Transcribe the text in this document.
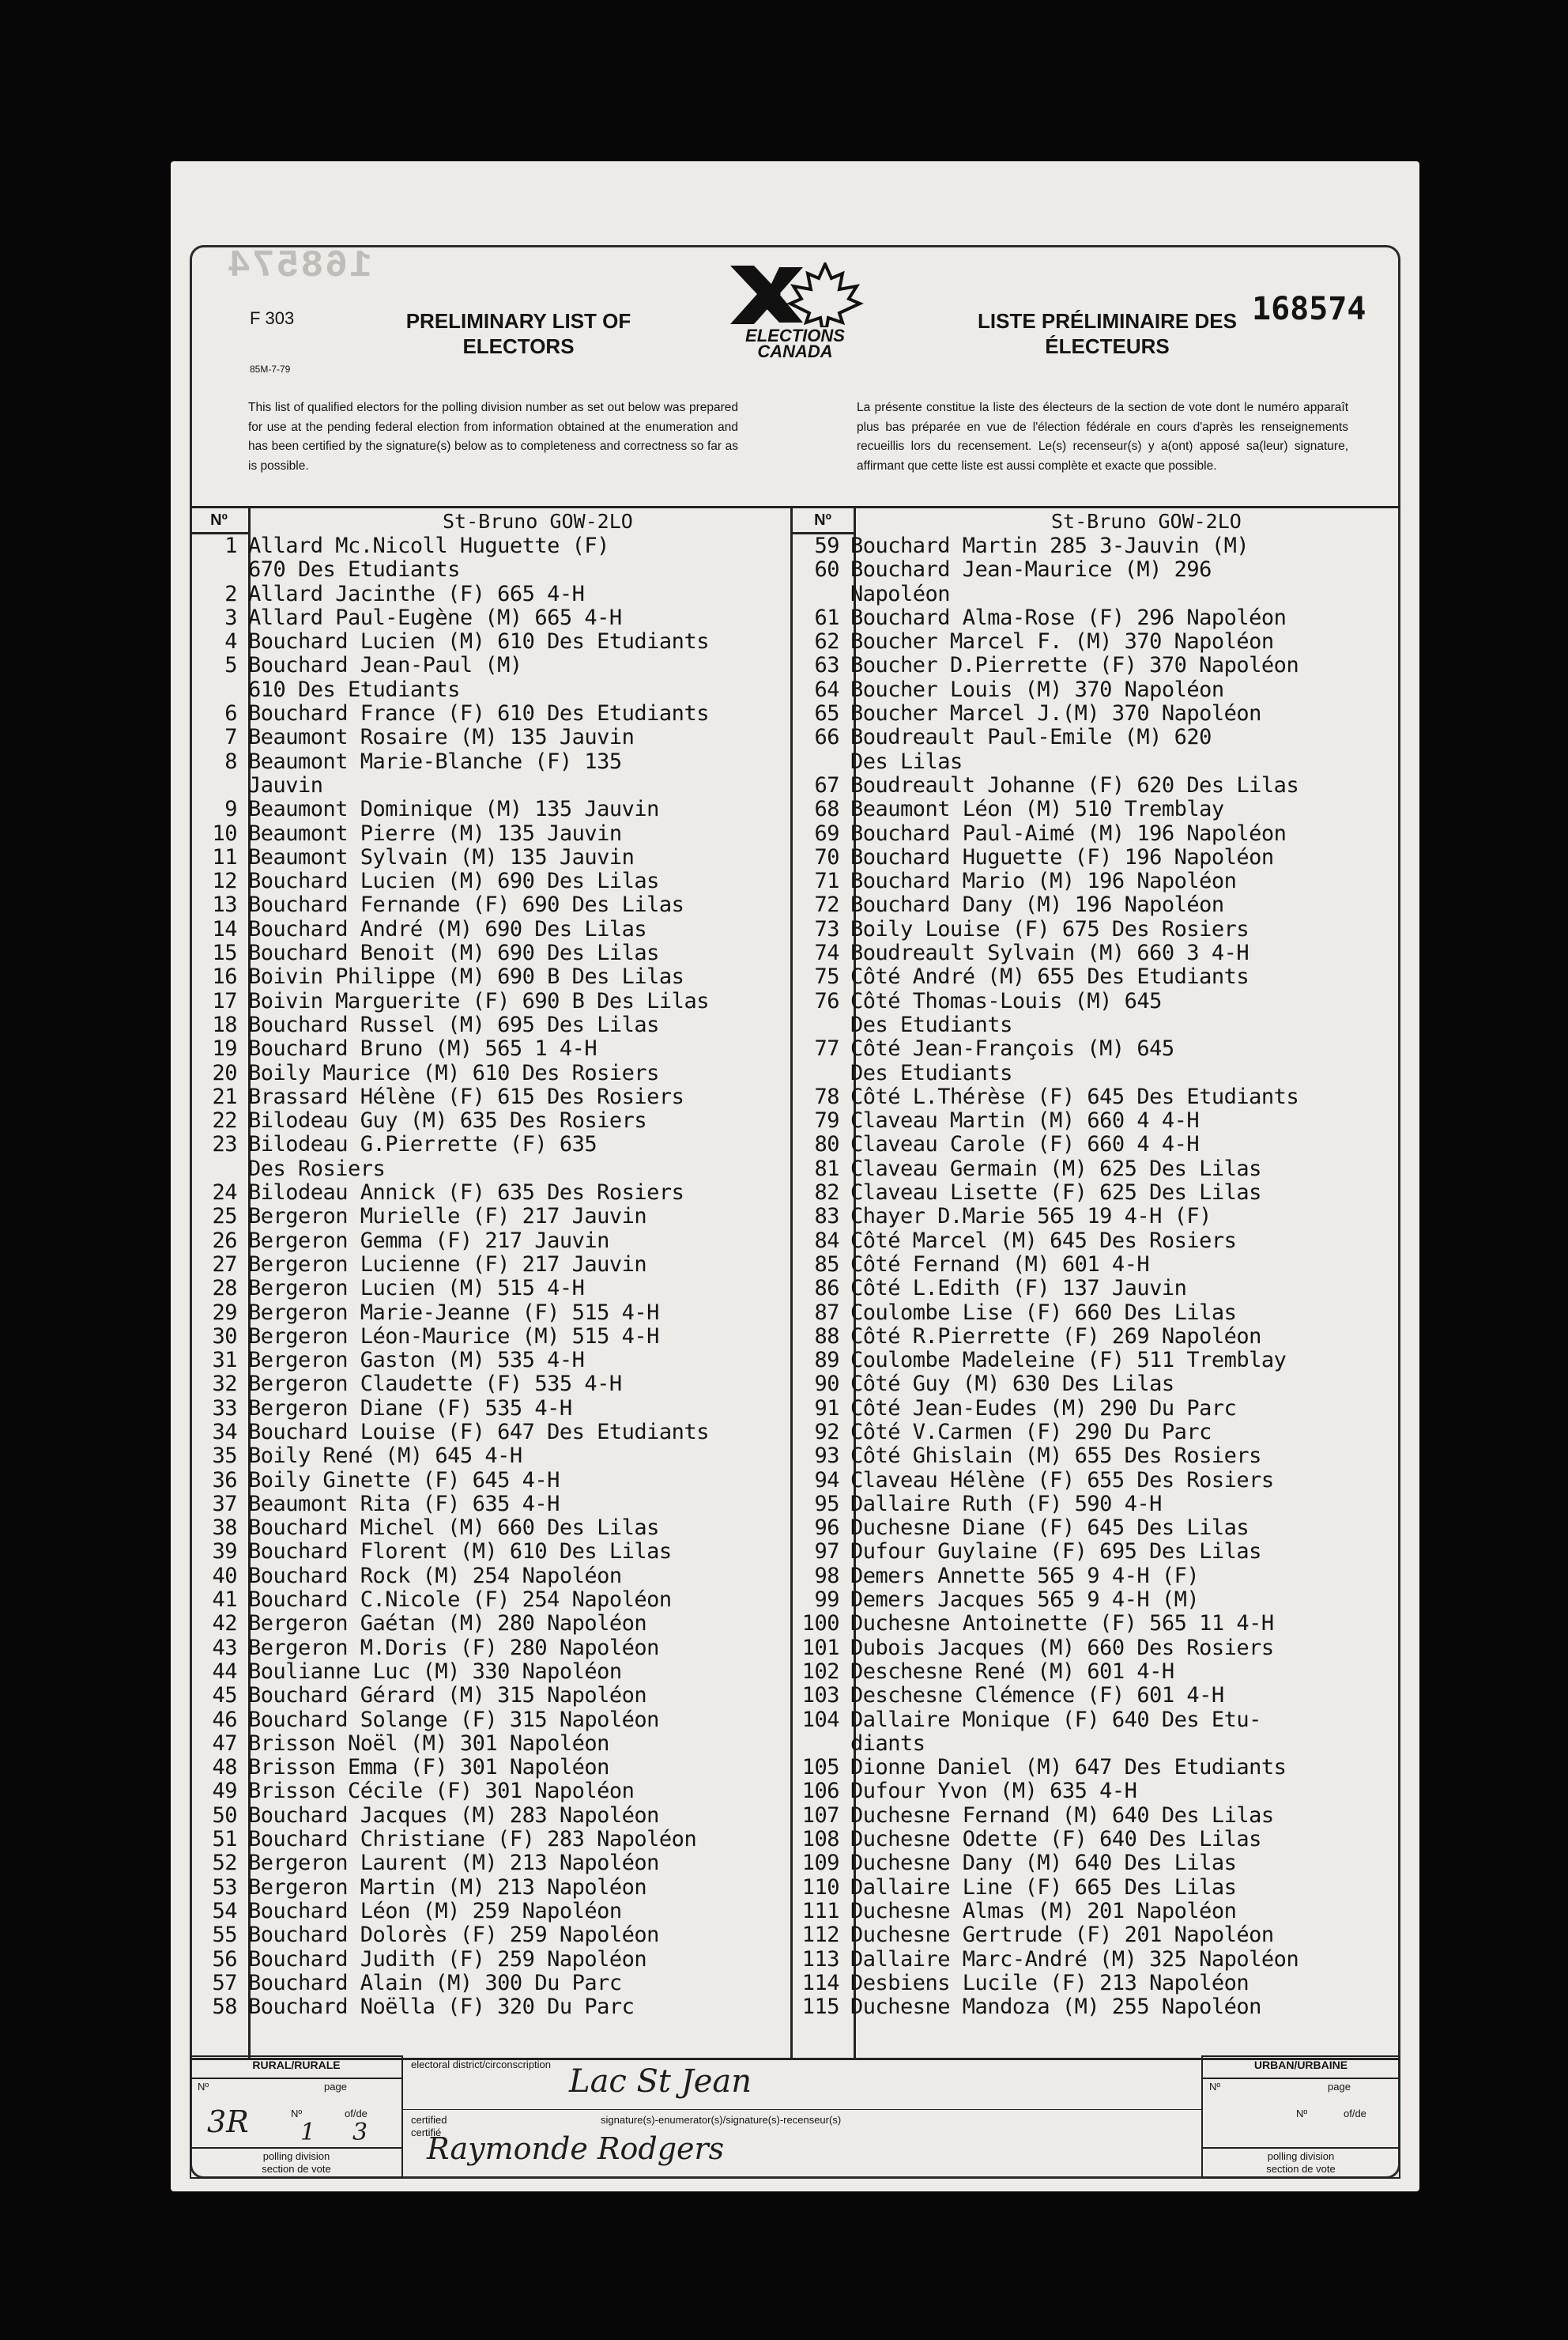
168574
F 303
85M-7-79
PRELIMINARY LIST OF
ELECTORS	ELECTIONS
CANADA
LISTE PRÉLIMINAIRE DES
ÉLECTEURS
168574
This list of qualified electors for the polling division number as set out below was prepared for use at the pending federal election from information obtained at the enumeration and has been certified by the signature(s) below as to completeness and correctness so far as is possible.
La présente constitue la liste des électeurs de la section de vote dont le numéro apparaît plus bas préparée en vue de l'élection fédérale en cours d'après les renseignements recueillis lors du recensement. Le(s) recenseur(s) y a(ont) apposé sa(leur) signature, affirmant que cette liste est aussi complète et exacte que possible.
Nº	Nº
St-Bruno GOW-2LO	St-Bruno GOW-2LO
1 Allard Mc.Nicoll Huguette (F)
670 Des Etudiants
2 Allard Jacinthe (F) 665 4-H
3 Allard Paul-Eugène (M) 665 4-H
4 Bouchard Lucien (M) 610 Des Etudiants
5 Bouchard Jean-Paul (M)
610 Des Etudiants
6 Bouchard France (F) 610 Des Etudiants
7 Beaumont Rosaire (M) 135 Jauvin
8 Beaumont Marie-Blanche (F) 135
Jauvin
9 Beaumont Dominique (M) 135 Jauvin
10 Beaumont Pierre (M) 135 Jauvin
11 Beaumont Sylvain (M) 135 Jauvin
12 Bouchard Lucien (M) 690 Des Lilas
13 Bouchard Fernande (F) 690 Des Lilas
14 Bouchard André (M) 690 Des Lilas
15 Bouchard Benoit (M) 690 Des Lilas
16 Boivin Philippe (M) 690 B Des Lilas
17 Boivin Marguerite (F) 690 B Des Lilas
18 Bouchard Russel (M) 695 Des Lilas
19 Bouchard Bruno (M) 565 1 4-H
20 Boily Maurice (M) 610 Des Rosiers
21 Brassard Hélène (F) 615 Des Rosiers
22 Bilodeau Guy (M) 635 Des Rosiers
23 Bilodeau G.Pierrette (F) 635
Des Rosiers
24 Bilodeau Annick (F) 635 Des Rosiers
25 Bergeron Murielle (F) 217 Jauvin
26 Bergeron Gemma (F) 217 Jauvin
27 Bergeron Lucienne (F) 217 Jauvin
28 Bergeron Lucien (M) 515 4-H
29 Bergeron Marie-Jeanne (F) 515 4-H
30 Bergeron Léon-Maurice (M) 515 4-H
31 Bergeron Gaston (M) 535 4-H
32 Bergeron Claudette (F) 535 4-H
33 Bergeron Diane (F) 535 4-H
34 Bouchard Louise (F) 647 Des Etudiants
35 Boily René (M) 645 4-H
36 Boily Ginette (F) 645 4-H
37 Beaumont Rita (F) 635 4-H
38 Bouchard Michel (M) 660 Des Lilas
39 Bouchard Florent (M) 610 Des Lilas
40 Bouchard Rock (M) 254 Napoléon
41 Bouchard C.Nicole (F) 254 Napoléon
42 Bergeron Gaétan (M) 280 Napoléon
43 Bergeron M.Doris (F) 280 Napoléon
44 Boulianne Luc (M) 330 Napoléon
45 Bouchard Gérard (M) 315 Napoléon
46 Bouchard Solange (F) 315 Napoléon
47 Brisson Noël (M) 301 Napoléon
48 Brisson Emma (F) 301 Napoléon
49 Brisson Cécile (F) 301 Napoléon
50 Bouchard Jacques (M) 283 Napoléon
51 Bouchard Christiane (F) 283 Napoléon
52 Bergeron Laurent (M) 213 Napoléon
53 Bergeron Martin (M) 213 Napoléon
54 Bouchard Léon (M) 259 Napoléon
55 Bouchard Dolorès (F) 259 Napoléon
56 Bouchard Judith (F) 259 Napoléon
57 Bouchard Alain (M) 300 Du Parc
58 Bouchard Noëlla (F) 320 Du Parc
59 Bouchard Martin 285 3-Jauvin (M)
60 Bouchard Jean-Maurice (M) 296
Napoléon
61 Bouchard Alma-Rose (F) 296 Napoléon
62 Boucher Marcel F. (M) 370 Napoléon
63 Boucher D.Pierrette (F) 370 Napoléon
64 Boucher Louis (M) 370 Napoléon
65 Boucher Marcel J.(M) 370 Napoléon
66 Boudreault Paul-Emile (M) 620
Des Lilas
67 Boudreault Johanne (F) 620 Des Lilas
68 Beaumont Léon (M) 510 Tremblay
69 Bouchard Paul-Aimé (M) 196 Napoléon
70 Bouchard Huguette (F) 196 Napoléon
71 Bouchard Mario (M) 196 Napoléon
72 Bouchard Dany (M) 196 Napoléon
73 Boily Louise (F) 675 Des Rosiers
74 Boudreault Sylvain (M) 660 3 4-H
75 Côté André (M) 655 Des Etudiants
76 Côté Thomas-Louis (M) 645
Des Etudiants
77 Côté Jean-François (M) 645
Des Etudiants
78 Côté L.Thérèse (F) 645 Des Etudiants
79 Claveau Martin (M) 660 4 4-H
80 Claveau Carole (F) 660 4 4-H
81 Claveau Germain (M) 625 Des Lilas
82 Claveau Lisette (F) 625 Des Lilas
83 Chayer D.Marie 565 19 4-H (F)
84 Côté Marcel (M) 645 Des Rosiers
85 Côté Fernand (M) 601 4-H
86 Côté L.Edith (F) 137 Jauvin
87 Coulombe Lise (F) 660 Des Lilas
88 Côté R.Pierrette (F) 269 Napoléon
89 Coulombe Madeleine (F) 511 Tremblay
90 Côté Guy (M) 630 Des Lilas
91 Côté Jean-Eudes (M) 290 Du Parc
92 Côté V.Carmen (F) 290 Du Parc
93 Côté Ghislain (M) 655 Des Rosiers
94 Claveau Hélène (F) 655 Des Rosiers
95 Dallaire Ruth (F) 590 4-H
96 Duchesne Diane (F) 645 Des Lilas
97 Dufour Guylaine (F) 695 Des Lilas
98 Demers Annette 565 9 4-H (F)
99 Demers Jacques 565 9 4-H (M)
100 Duchesne Antoinette (F) 565 11 4-H
101 Dubois Jacques (M) 660 Des Rosiers
102 Deschesne René (M) 601 4-H
103 Deschesne Clémence (F) 601 4-H
104 Dallaire Monique (F) 640 Des Etu-
diants
105 Dionne Daniel (M) 647 Des Etudiants
106 Dufour Yvon (M) 635 4-H
107 Duchesne Fernand (M) 640 Des Lilas
108 Duchesne Odette (F) 640 Des Lilas
109 Duchesne Dany (M) 640 Des Lilas
110 Dallaire Line (F) 665 Des Lilas
111 Duchesne Almas (M) 201 Napoléon
112 Duchesne Gertrude (F) 201 Napoléon
113 Dallaire Marc-André (M) 325 Napoléon
114 Desbiens Lucile (F) 213 Napoléon
115 Duchesne Mandoza (M) 255 Napoléon
RURAL/RURALE
Nº	page
Nº	of/de
3R 1 3
polling division
section de vote
electoral district/circonscription Lac St Jean
certified
certifié
signature(s)-enumerator(s)/signature(s)-recenseur(s)
Raymonde Rodgers
URBAN/URBAINE
Nº	page
Nº	of/de
polling division
section de vote
